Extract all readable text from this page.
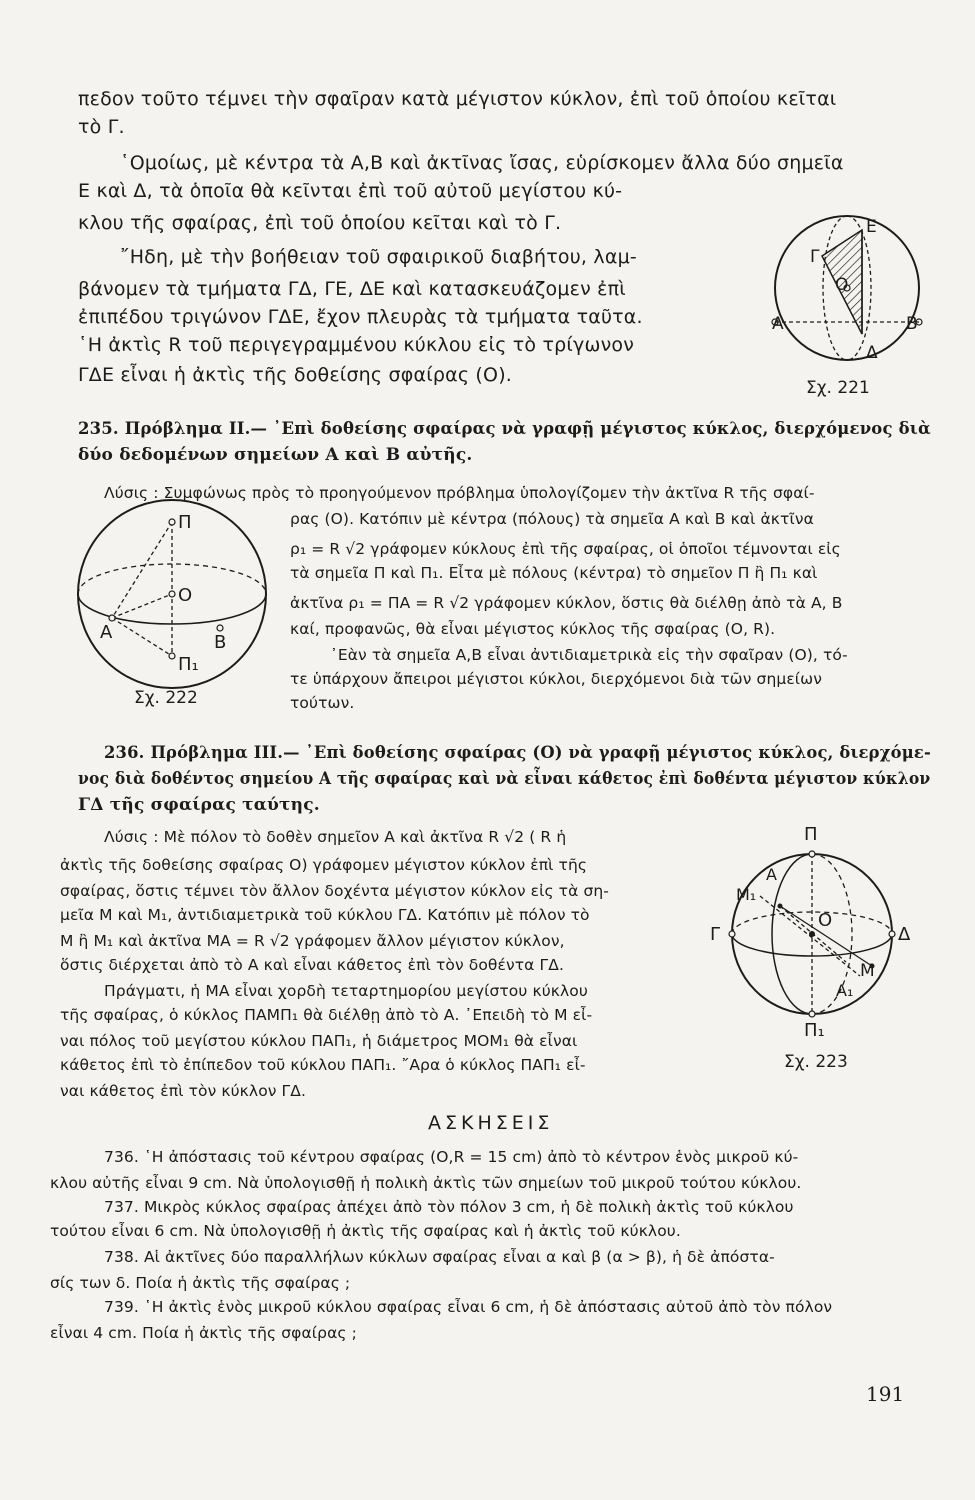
πεδον τοῦτο τέμνει τὴν σφαῖραν κατὰ μέγιστον κύκλον, ἐπὶ τοῦ ὁποίου κεῖται
τὸ Γ.
῾Ομοίως, μὲ κέντρα τὰ Α,Β καὶ ἀκτῖνας ἴσας, εὑρίσκομεν ἄλλα δύο σημεῖα
Ε καὶ Δ, τὰ ὁποῖα θὰ κεῖνται ἐπὶ τοῦ αὐτοῦ μεγίστου κύ-
κλου τῆς σφαίρας, ἐπὶ τοῦ ὁποίου κεῖται καὶ τὸ Γ.
῎Ηδη, μὲ τὴν βοήθειαν τοῦ σφαιρικοῦ διαβήτου, λαμ-
βάνομεν τὰ τμήματα ΓΔ, ΓΕ, ΔΕ καὶ κατασκευάζομεν ἐπὶ
ἐπιπέδου τριγώνον ΓΔΕ, ἔχον πλευρὰς τὰ τμήματα ταῦτα.
῾Η ἀκτὶς R τοῦ περιγεγραμμένου κύκλου εἰς τὸ τρίγωνον
ΓΔΕ εἶναι ἡ ἀκτὶς τῆς δοθείσης σφαίρας (Ο).
Γ
Ε
Ο
Α	Β
Δ
Σχ. 221
235. Πρόβλημα ΙΙ.— ᾿Επὶ δοθείσης σφαίρας νὰ γραφῇ μέγιστος κύκλος, διερχόμενος διὰ
δύο δεδομένων σημείων Α καὶ Β αὐτῆς.
Λύσις : Συμφώνως πρὸς τὸ προηγούμενον πρόβλημα ὑπολογίζομεν τὴν ἀκτῖνα R τῆς σφαί-
ρας (Ο). Κατόπιν μὲ κέντρα (πόλους) τὰ σημεῖα Α καὶ Β καὶ ἀκτῖνα
ρ₁ = R √2 γράφομεν κύκλους ἐπὶ τῆς σφαίρας, οἱ ὁποῖοι τέμνονται εἰς
τὰ σημεῖα Π καὶ Π₁. Εἶτα μὲ πόλους (κέντρα) τὸ σημεῖον Π ἢ Π₁ καὶ
ἀκτῖνα ρ₁ = ΠΑ = R √2 γράφομεν κύκλον, ὅστις θὰ διέλθῃ ἀπὸ τὰ Α, Β
καί, προφανῶς, θὰ εἶναι μέγιστος κύκλος τῆς σφαίρας (Ο, R).
᾿Εὰν τὰ σημεῖα Α,Β εἶναι ἀντιδιαμετρικὰ εἰς τὴν σφαῖραν (Ο), τό-
τε ὑπάρχουν ἄπειροι μέγιστοι κύκλοι, διερχόμενοι διὰ τῶν σημείων
τούτων.
Π
Ο
Α	Β
Π₁
Σχ. 222
236. Πρόβλημα ΙΙΙ.— ᾿Επὶ δοθείσης σφαίρας (Ο) νὰ γραφῇ μέγιστος κύκλος, διερχόμε-
νος διὰ δοθέντος σημείου Α τῆς σφαίρας καὶ νὰ εἶναι κάθετος ἐπὶ δοθέντα μέγιστον κύκλον
ΓΔ τῆς σφαίρας ταύτης.
Λύσις : Μὲ πόλον τὸ δοθὲν σημεῖον Α καὶ ἀκτῖνα R √2 ( R ἡ
ἀκτὶς τῆς δοθείσης σφαίρας Ο) γράφομεν μέγιστον κύκλον ἐπὶ τῆς
σφαίρας, ὅστις τέμνει τὸν ἄλλον δοχέντα μέγιστον κύκλον εἰς τὰ ση-
μεῖα Μ καὶ Μ₁, ἀντιδιαμετρικὰ τοῦ κύκλου ΓΔ. Κατόπιν μὲ πόλον τὸ
Μ ἢ Μ₁ καὶ ἀκτῖνα ΜΑ = R √2 γράφομεν ἄλλον μέγιστον κύκλον,
ὅστις διέρχεται ἀπὸ τὸ Α καὶ εἶναι κάθετος ἐπὶ τὸν δοθέντα ΓΔ.
Πράγματι, ἡ ΜΑ εἶναι χορδὴ τεταρτημορίου μεγίστου κύκλου
τῆς σφαίρας, ὁ κύκλος ΠΑΜΠ₁ θὰ διέλθῃ ἀπὸ τὸ Α. ᾿Επειδὴ τὸ Μ εἶ-
ναι πόλος τοῦ μεγίστου κύκλου ΠΑΠ₁, ἡ διάμετρος ΜΟΜ₁ θὰ εἶναι
κάθετος ἐπὶ τὸ ἐπίπεδον τοῦ κύκλου ΠΑΠ₁. ῎Αρα ὁ κύκλος ΠΑΠ₁ εἶ-
ναι κάθετος ἐπὶ τὸν κύκλον ΓΔ.
Π
Μ₁
Α
Ο
Γ	Δ
Μ
Α₁
Π₁
Σχ. 223
ΑΣΚΗΣΕΙΣ
736. ῾Η ἀπόστασις τοῦ κέντρου σφαίρας (Ο,R = 15 cm) ἀπὸ τὸ κέντρον ἑνὸς μικροῦ κύ-
κλου αὐτῆς εἶναι 9 cm. Νὰ ὑπολογισθῇ ἡ πολικὴ ἀκτὶς τῶν σημείων τοῦ μικροῦ τούτου κύκλου.
737. Μικρὸς κύκλος σφαίρας ἀπέχει ἀπὸ τὸν πόλον 3 cm, ἡ δὲ πολικὴ ἀκτὶς τοῦ κύκλου
τούτου εἶναι 6 cm. Νὰ ὑπολογισθῇ ἡ ἀκτὶς τῆς σφαίρας καὶ ἡ ἀκτὶς τοῦ κύκλου.
738. Αἱ ἀκτῖνες δύο παραλλήλων κύκλων σφαίρας εἶναι α καὶ β (α > β), ἡ δὲ ἀπόστα-
σίς των δ. Ποία ἡ ἀκτὶς τῆς σφαίρας ;
739. ῾Η ἀκτὶς ἑνὸς μικροῦ κύκλου σφαίρας εἶναι 6 cm, ἡ δὲ ἀπόστασις αὐτοῦ ἀπὸ τὸν πόλον
εἶναι 4 cm. Ποία ἡ ἀκτὶς τῆς σφαίρας ;
191
